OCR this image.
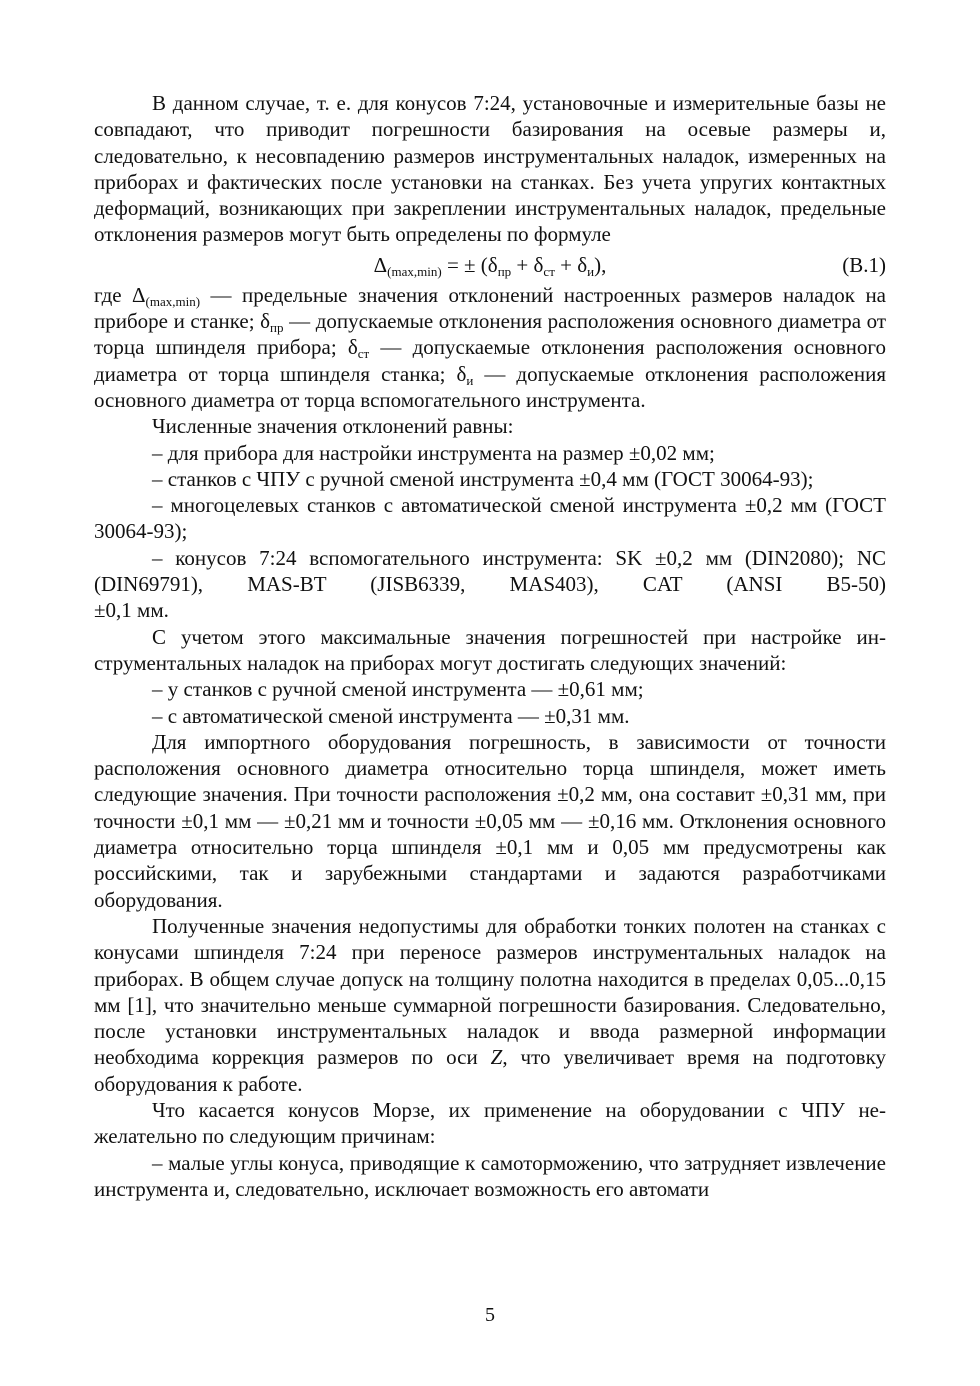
В данном случае, т. е. для конусов 7:24, установочные и измерительные базы не совпадают, что приводит погрешности базирования на осевые размеры и, следовательно, к несовпадению размеров инструментальных наладок, измеренных на приборах и фактических после установки на станках. Без учета упругих контактных деформаций, возникающих при закреплении инструментальных наладок, предельные отклонения размеров могут быть определены по формуле

$\Delta_{(max,min)}$ = ± $(\delta_{пр} + \delta_{ст} + \delta_и)$,	(В.1)

где $\Delta_{(max,min)}$ — предельные значения отклонений настроенных размеров наладок на приборе и станке; $\delta_{пр}$ — допускаемые отклонения расположения основного диаметра от торца шпинделя прибора; $\delta_{ст}$ — допускаемые отклонения расположения основного диаметра от торца шпинделя станка; $\delta_и$ — допускаемые отклонения расположения основного диаметра от торца вспомогательного инструмента.

Численные значения отклонений равны:

– для прибора для настройки инструмента на размер ±0,02 мм;

– станков с ЧПУ с ручной сменой инструмента ±0,4 мм (ГОСТ 30064-93);

– многоцелевых станков с автоматической сменой инструмента ±0,2 мм (ГОСТ 30064-93);

– конусов 7:24 вспомогательного инструмента: SK ±0,2 мм (DIN2080); NC (DIN69791), MAS-BT (JISB6339, MAS403), CAT (ANSI B5-50)

±0,1 мм.

С учетом этого максимальные значения погрешностей при настройке инструментальных наладок на приборах могут достигать следующих значений:

– у станков с ручной сменой инструмента — ±0,61 мм;

– с автоматической сменой инструмента — ±0,31 мм.

Для импортного оборудования погрешность, в зависимости от точности расположения основного диаметра относительно торца шпинделя, может иметь следующие значения. При точности расположения ±0,2 мм, она составит ±0,31 мм, при точности ±0,1 мм — ±0,21 мм и точности ±0,05 мм — ±0,16 мм. Отклонения основного диаметра относительно торца шпинделя ±0,1 мм и 0,05 мм предусмотрены как российскими, так и зарубежными стандартами и задаются разработчиками оборудования.

Полученные значения недопустимы для обработки тонких полотен на станках с конусами шпинделя 7:24 при переносе размеров инструментальных наладок на приборах. В общем случае допуск на толщину полотна находится в пределах 0,05...0,15 мм [1], что значительно меньше суммарной погрешности базирования. Следовательно, после установки инструментальных наладок и ввода размерной информации необходима коррекция размеров по оси Z, что увеличивает время на подготовку оборудования к работе.

Что касается конусов Морзе, их применение на оборудовании с ЧПУ нежелательно по следующим причинам:

– малые углы конуса, приводящие к самоторможению, что затрудняет извлечение инструмента и, следовательно, исключает возможность его автомати

5
